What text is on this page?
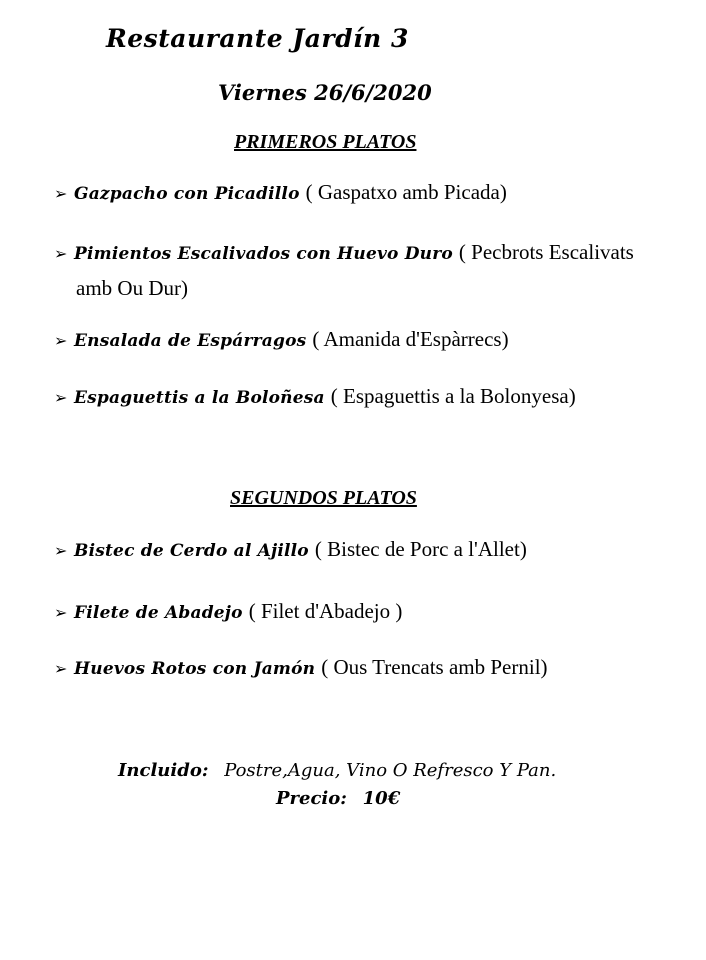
Restaurante Jardín 3
Viernes 26/6/2020
PRIMEROS PLATOS
➢ Gazpacho con Picadillo ( Gaspatxo amb Picada)
➢ Pimientos Escalivados con Huevo Duro ( Pecbrots Escalivats
amb Ou Dur)
➢ Ensalada de Espárragos ( Amanida d'Espàrrecs)
➢ Espaguettis a la Boloñesa ( Espaguettis a la Bolonyesa)
SEGUNDOS PLATOS
➢ Bistec de Cerdo al Ajillo ( Bistec de Porc a l'Allet)
➢ Filete de Abadejo ( Filet d'Abadejo )
➢ Huevos Rotos con Jamón ( Ous Trencats amb Pernil)
Incluido: Postre,Agua, Vino O Refresco Y Pan.
Precio: 10€
